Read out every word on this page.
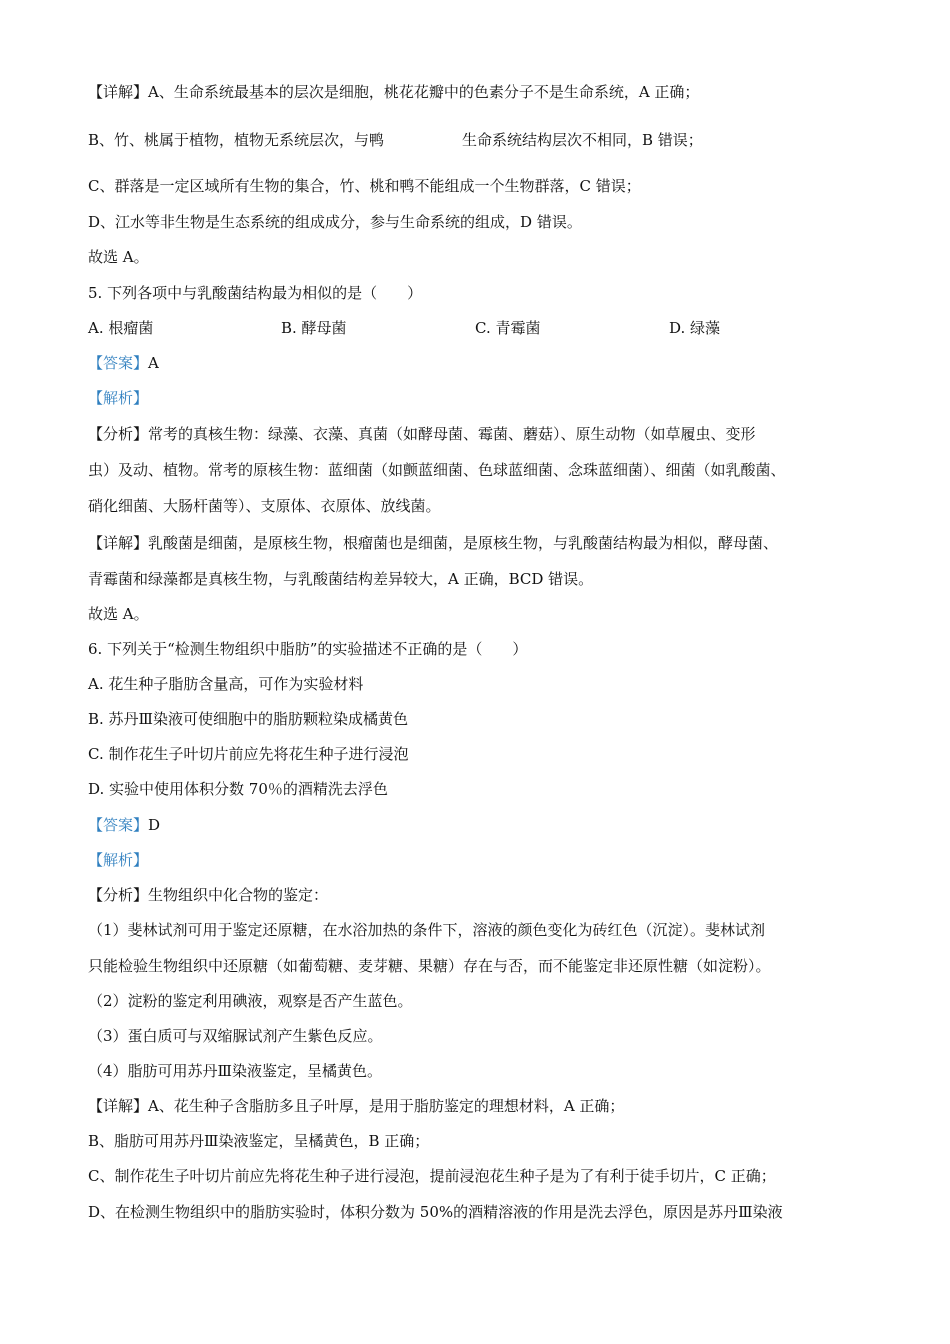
【详解】A、生命系统最基本的层次是细胞，桃花花瓣中的色素分子不是生命系统，A 正确；
B、竹、桃属于植物，植物无系统层次，与鸭	生命系统结构层次不相同，B 错误；
C、群落是一定区域所有生物的集合，竹、桃和鸭不能组成一个生物群落，C 错误；
D、江水等非生物是生态系统的组成成分，参与生命系统的组成，D 错误。
故选 A。
5. 下列各项中与乳酸菌结构最为相似的是（　　）
A. 根瘤菌	B. 酵母菌	C. 青霉菌	D. 绿藻
【答案】A
【解析】
【分析】常考的真核生物：绿藻、衣藻、真菌（如酵母菌、霉菌、蘑菇）、原生动物（如草履虫、变形
虫）及动、植物。常考的原核生物：蓝细菌（如颤蓝细菌、色球蓝细菌、念珠蓝细菌）、细菌（如乳酸菌、
硝化细菌、大肠杆菌等）、支原体、衣原体、放线菌。
【详解】乳酸菌是细菌，是原核生物，根瘤菌也是细菌，是原核生物，与乳酸菌结构最为相似，酵母菌、
青霉菌和绿藻都是真核生物，与乳酸菌结构差异较大，A 正确，BCD 错误。
故选 A。
6. 下列关于“检测生物组织中脂肪”的实验描述不正确的是（　　）
A. 花生种子脂肪含量高，可作为实验材料
B. 苏丹Ⅲ染液可使细胞中的脂肪颗粒染成橘黄色
C. 制作花生子叶切片前应先将花生种子进行浸泡
D. 实验中使用体积分数 70％的酒精洗去浮色
【答案】D
【解析】
【分析】生物组织中化合物的鉴定：
（1）斐林试剂可用于鉴定还原糖，在水浴加热的条件下，溶液的颜色变化为砖红色（沉淀）。斐林试剂
只能检验生物组织中还原糖（如葡萄糖、麦芽糖、果糖）存在与否，而不能鉴定非还原性糖（如淀粉）。
（2）淀粉的鉴定利用碘液，观察是否产生蓝色。
（3）蛋白质可与双缩脲试剂产生紫色反应。
（4）脂肪可用苏丹Ⅲ染液鉴定，呈橘黄色。
【详解】A、花生种子含脂肪多且子叶厚，是用于脂肪鉴定的理想材料，A 正确；
B、脂肪可用苏丹Ⅲ染液鉴定，呈橘黄色，B 正确；
C、制作花生子叶切片前应先将花生种子进行浸泡，提前浸泡花生种子是为了有利于徒手切片，C 正确；
D、在检测生物组织中的脂肪实验时，体积分数为 50%的酒精溶液的作用是洗去浮色，原因是苏丹Ⅲ染液
